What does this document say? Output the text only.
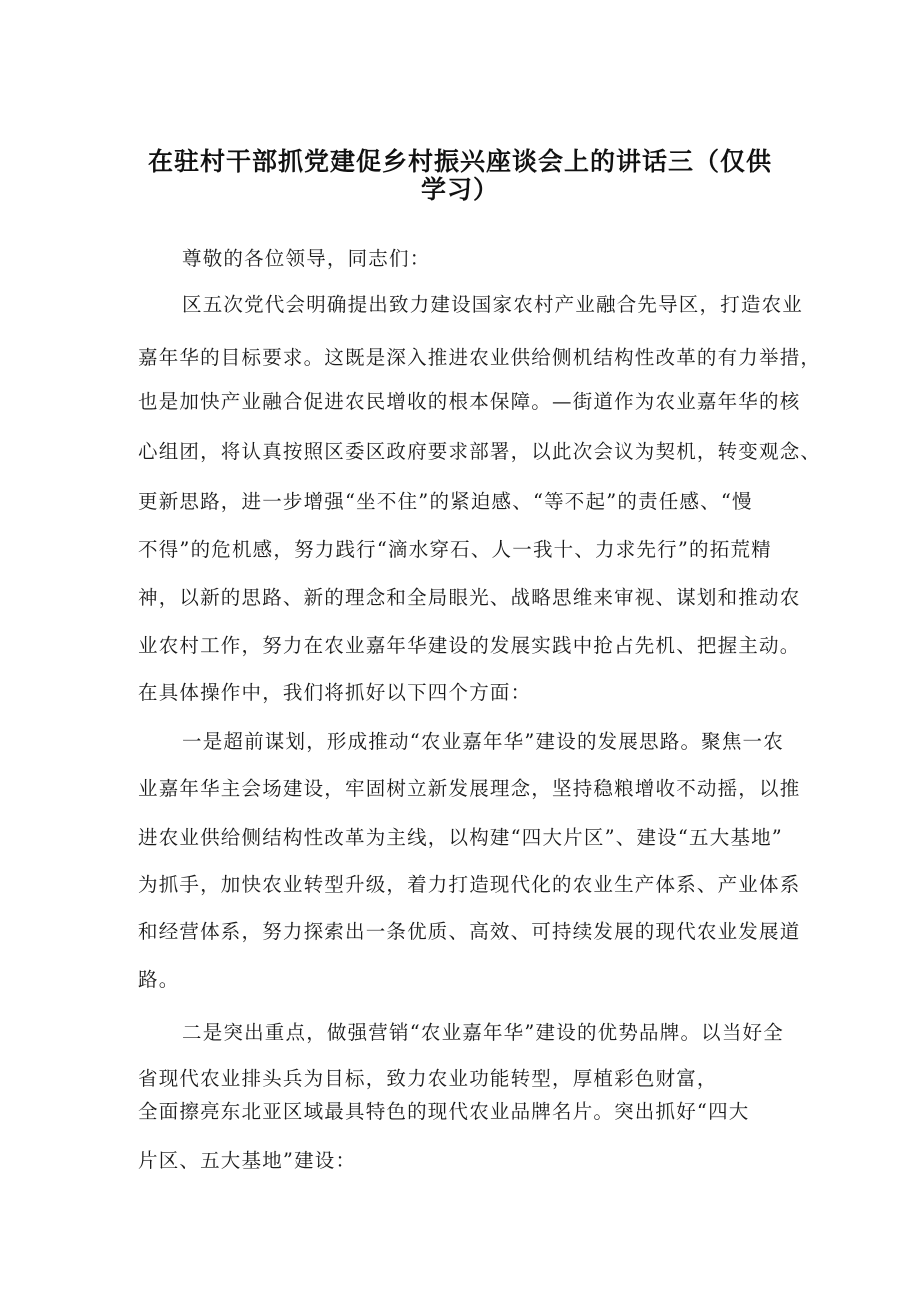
在驻村干部抓党建促乡村振兴座谈会上的讲话三（仅供
学习）
尊敬的各位领导，同志们：
区五次党代会明确提出致力建设国家农村产业融合先导区，打造农业
嘉年华的目标要求。这既是深入推进农业供给侧机结构性改革的有力举措，
也是加快产业融合促进农民增收的根本保障。—街道作为农业嘉年华的核
心组团，将认真按照区委区政府要求部署，以此次会议为契机，转变观念、
更新思路，进一步增强“坐不住”的紧迫感、“等不起”的责任感、“慢
不得”的危机感，努力践行“滴水穿石、人一我十、力求先行”的拓荒精
神，以新的思路、新的理念和全局眼光、战略思维来审视、谋划和推动农
业农村工作，努力在农业嘉年华建设的发展实践中抢占先机、把握主动。
在具体操作中，我们将抓好以下四个方面：
一是超前谋划，形成推动“农业嘉年华”建设的发展思路。聚焦一农
业嘉年华主会场建设，牢固树立新发展理念，坚持稳粮增收不动摇，以推
进农业供给侧结构性改革为主线，以构建“四大片区”、建设“五大基地”
为抓手，加快农业转型升级，着力打造现代化的农业生产体系、产业体系
和经营体系，努力探索出一条优质、高效、可持续发展的现代农业发展道
路。
二是突出重点，做强营销“农业嘉年华”建设的优势品牌。以当好全
省现代农业排头兵为目标，致力农业功能转型，厚植彩色财富，
全面擦亮东北亚区域最具特色的现代农业品牌名片。突出抓好“四大
片区、五大基地”建设：
